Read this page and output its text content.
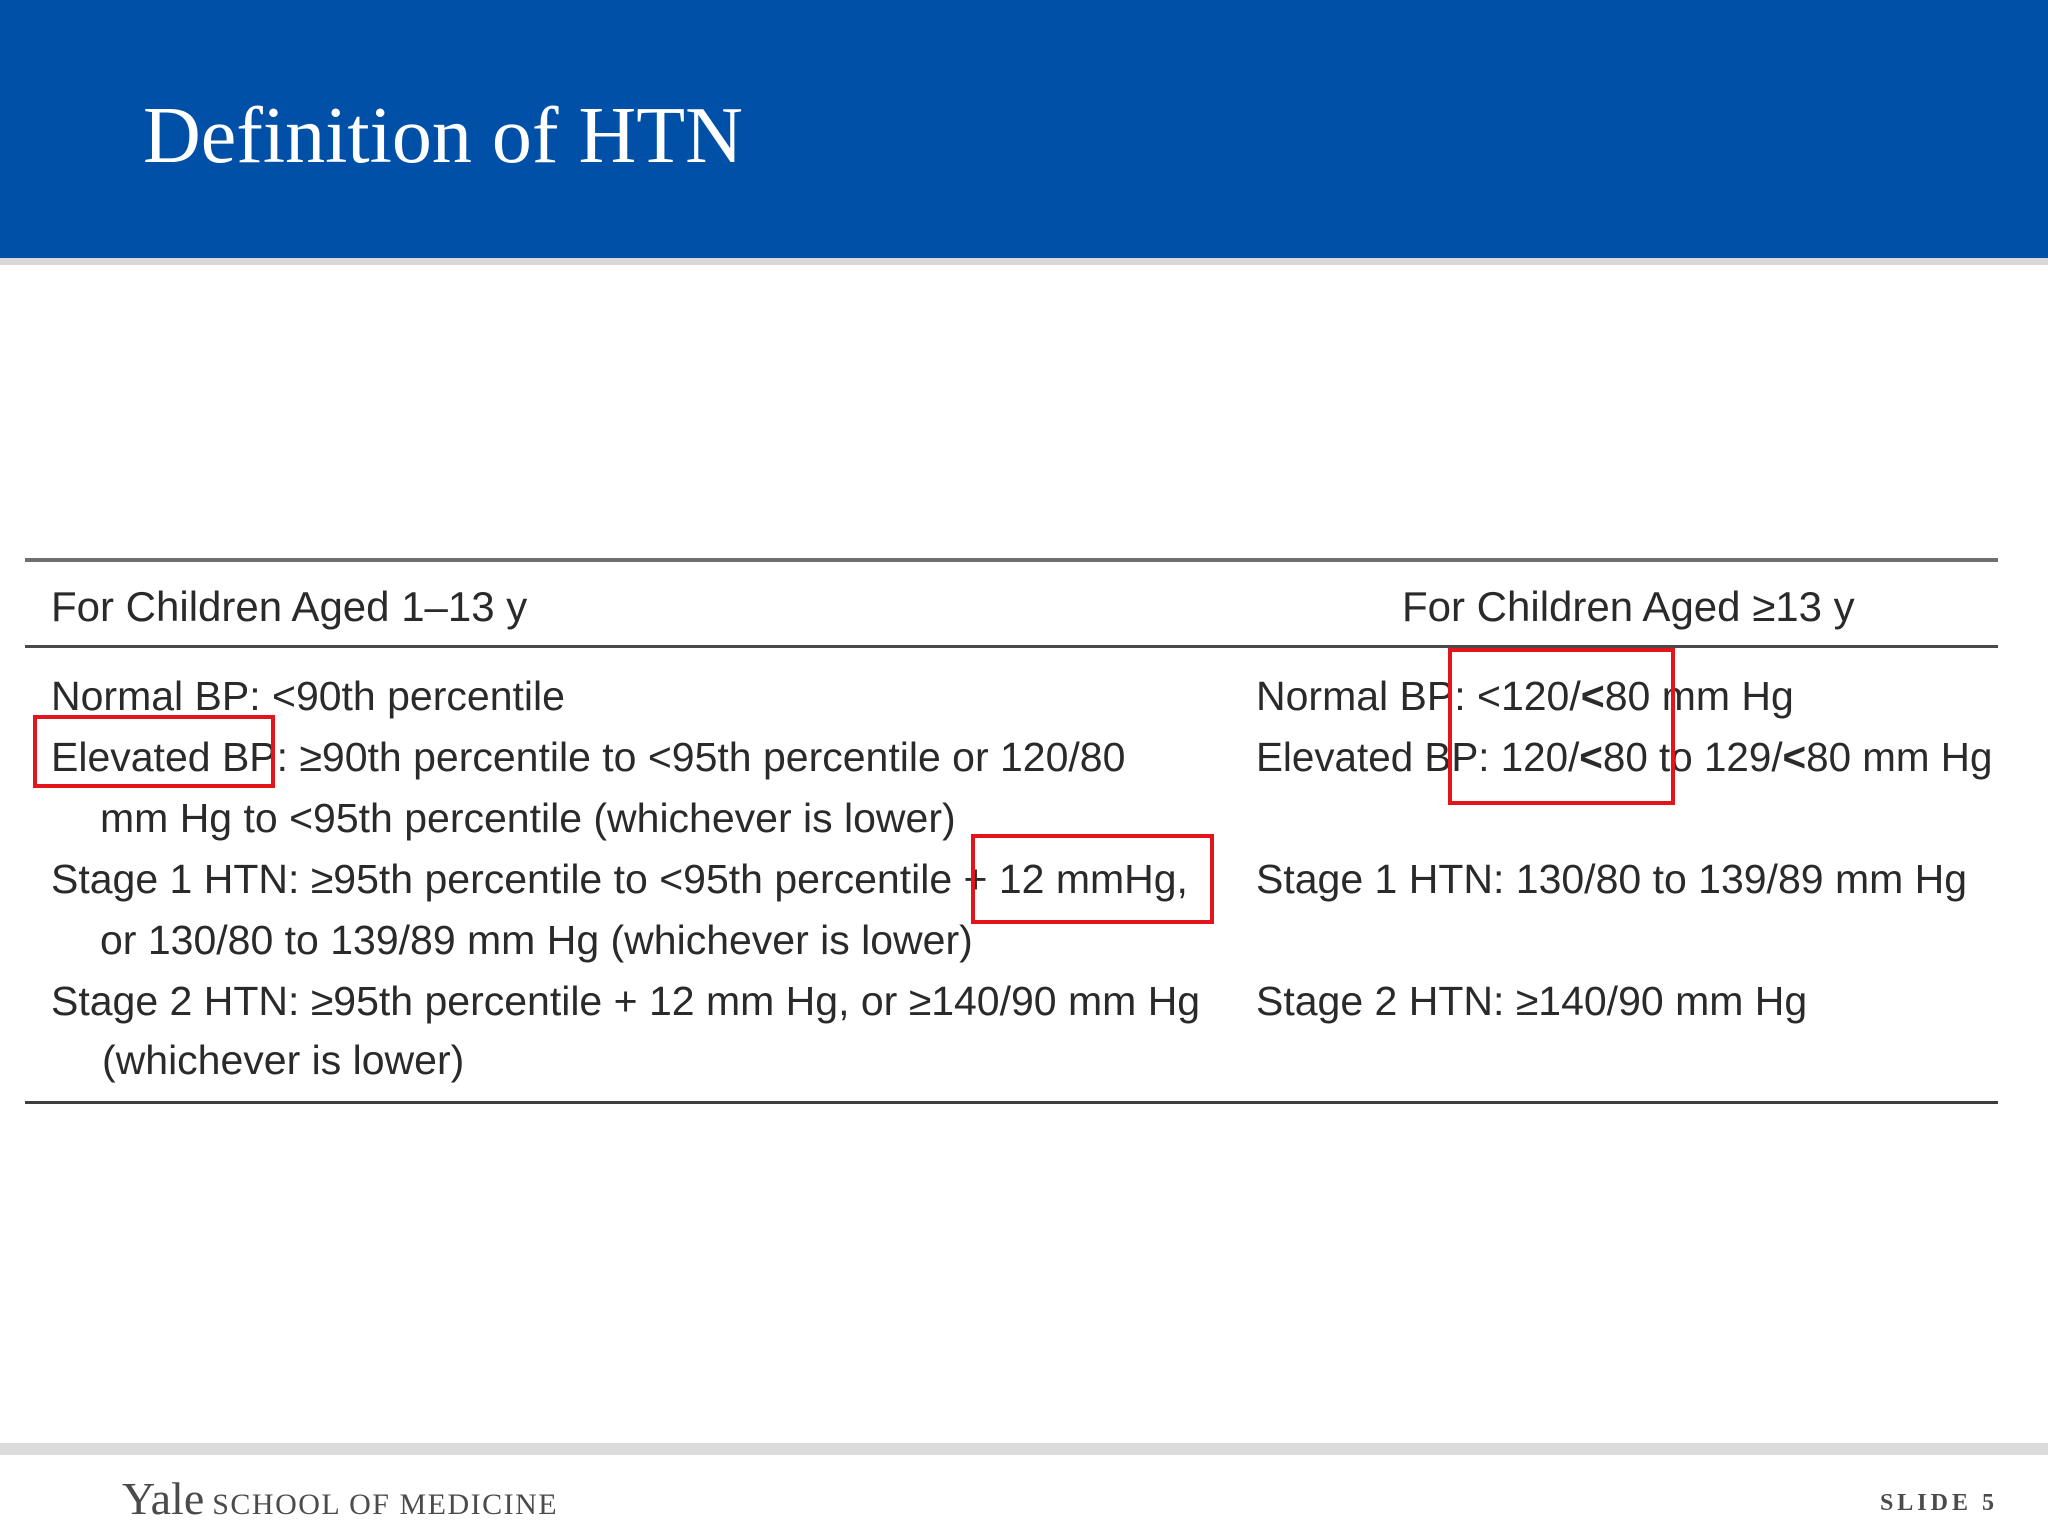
Definition of HTN
For Children Aged 1–13 y	For Children Aged ≥13 y
Normal BP: <90th percentile
Elevated BP: ≥90th percentile to <95th percentile or 120/80
mm Hg to <95th percentile (whichever is lower)
Stage 1 HTN: ≥95th percentile to <95th percentile + 12 mmHg,
or 130/80 to 139/89 mm Hg (whichever is lower)
Stage 2 HTN: ≥95th percentile + 12 mm Hg, or ≥140/90 mm Hg
(whichever is lower)
Normal BP: <120/<80 mm Hg
Elevated BP: 120/<80 to 129/<80 mm Hg
Stage 1 HTN: 130/80 to 139/89 mm Hg
Stage 2 HTN: ≥140/90 mm Hg
Yale SCHOOL OF MEDICINE	SLIDE 5
